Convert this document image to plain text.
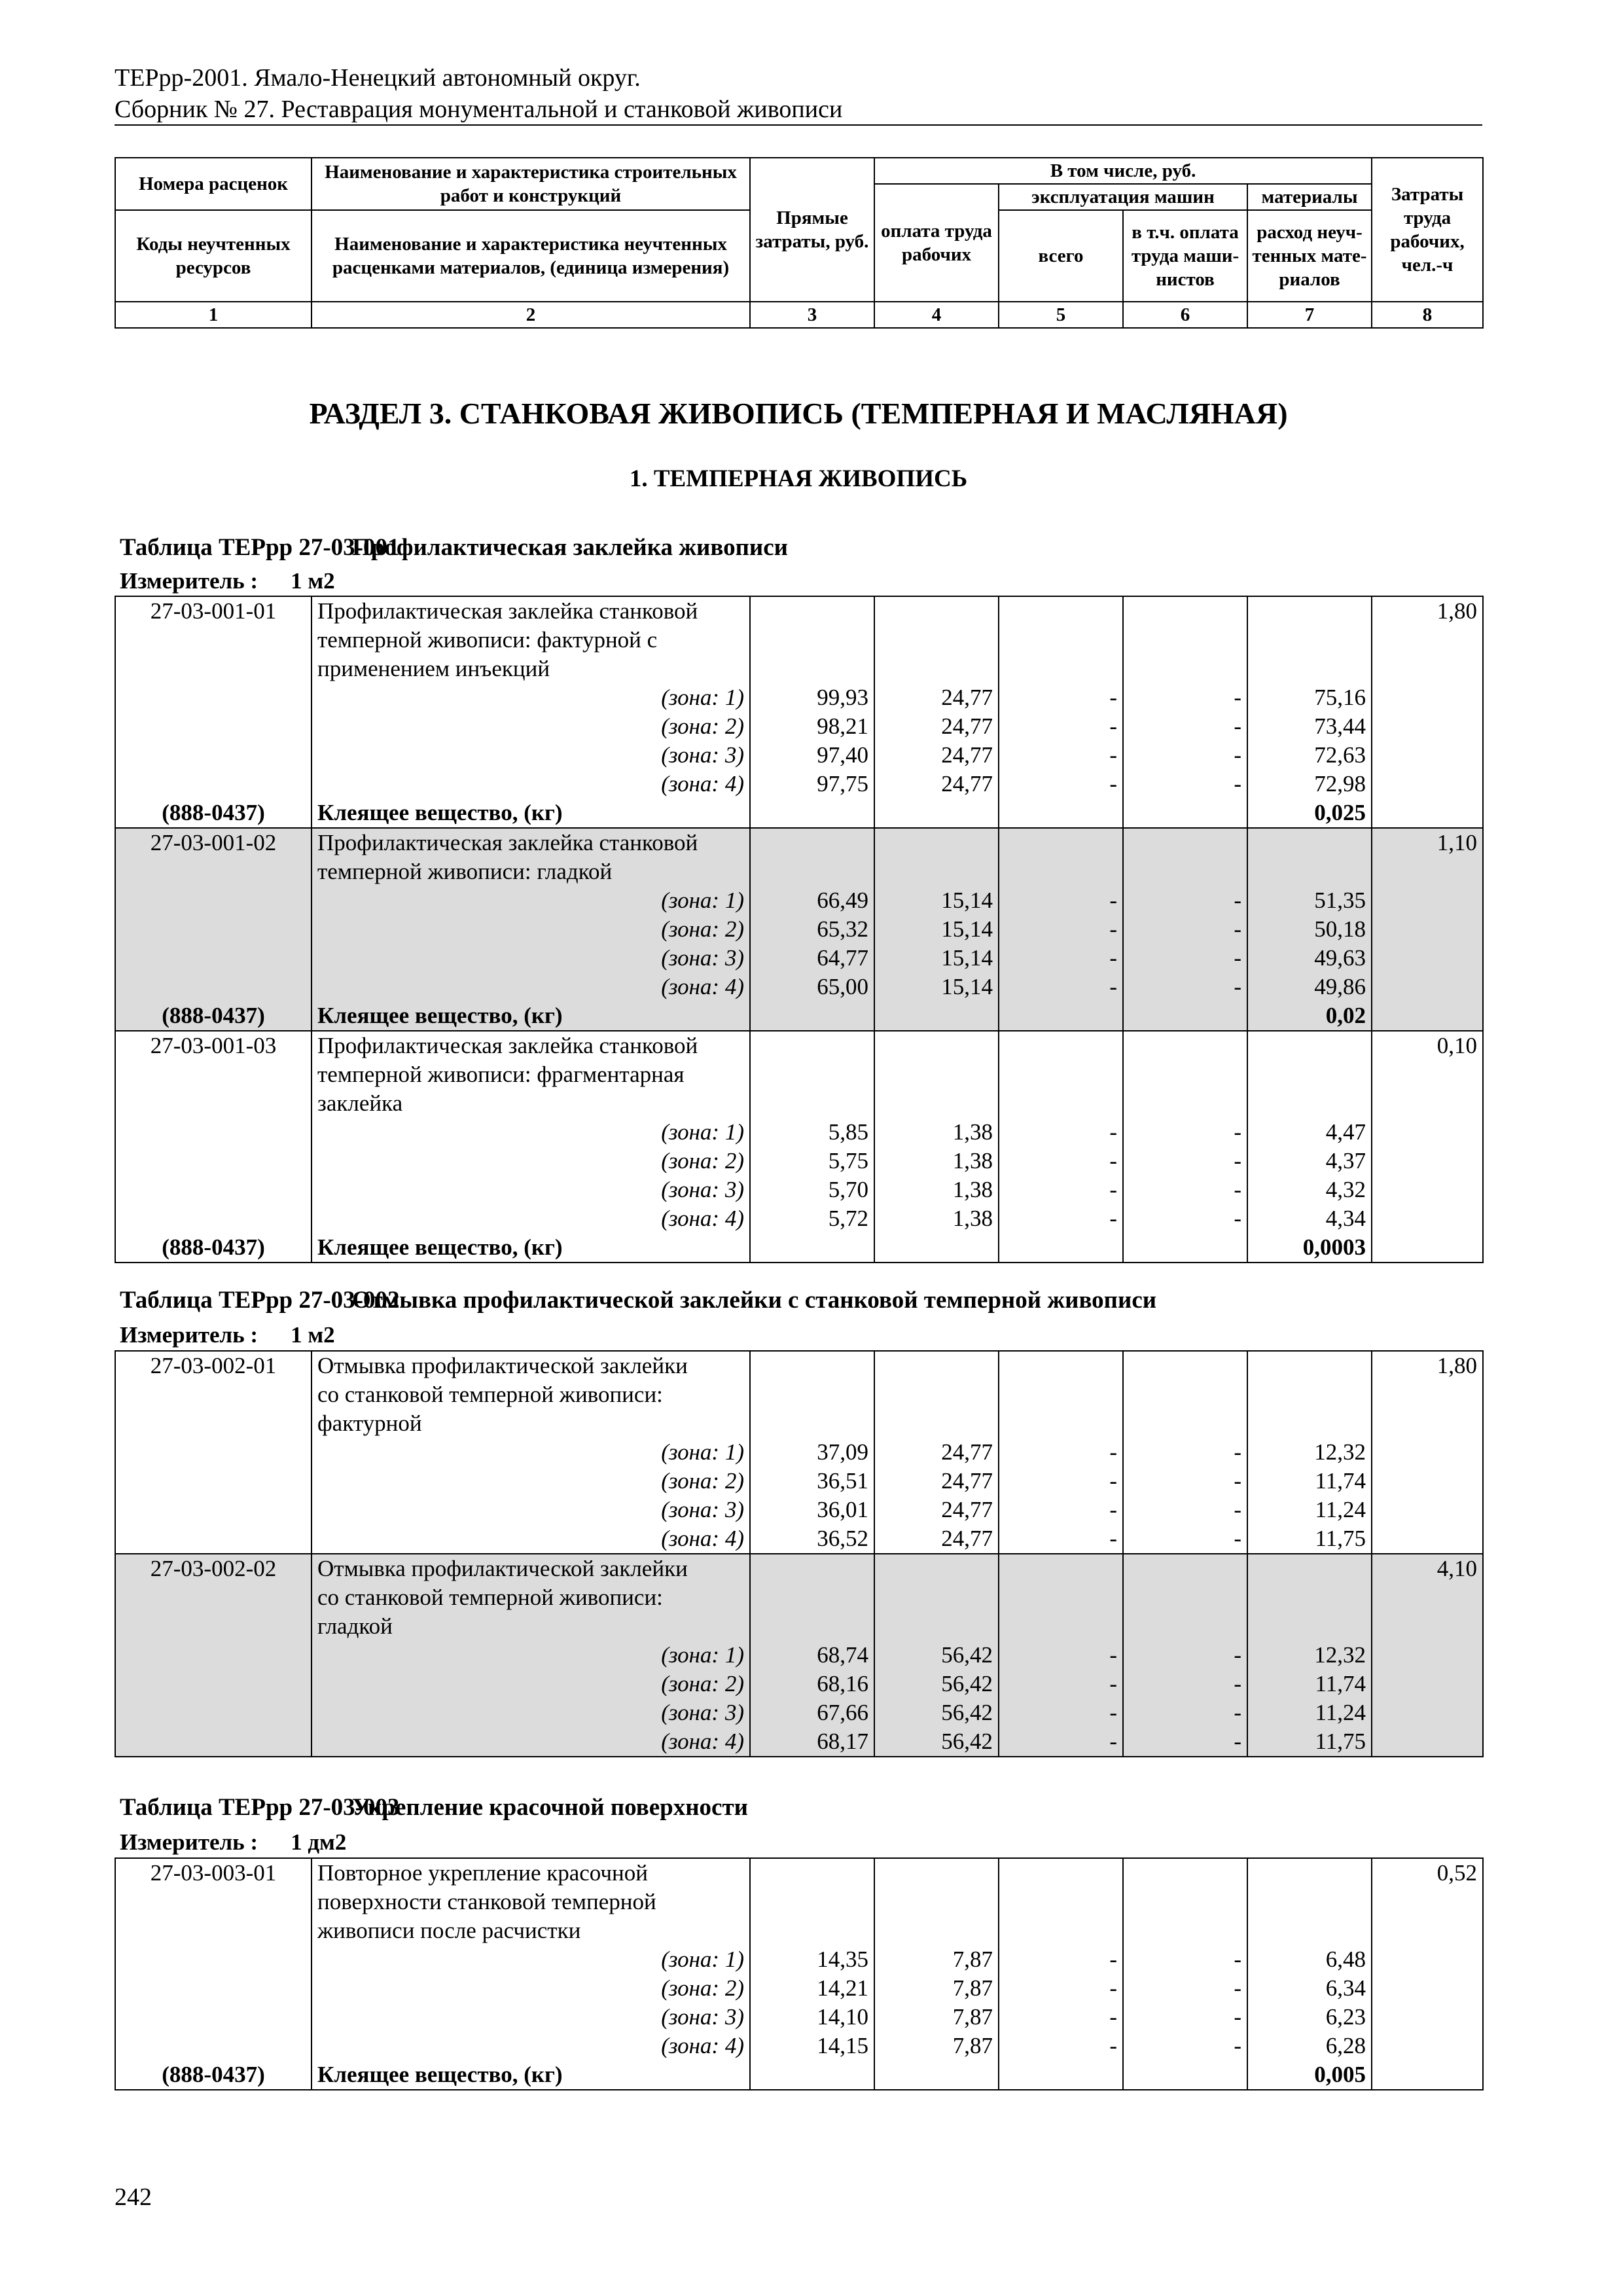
ТЕРрр-2001. Ямало-Ненецкий автономный округ.
Сборник № 27. Реставрация монументальной и станковой живописи
Номера расценок	Наименование и характеристика строительных работ и конструкций	Прямые затраты, руб.	В том числе, руб.				Затраты труда рабочих, чел.-ч
			оплата труда рабочих	эксплуатация машин		материалы	
Коды неучтенных ресурсов	Наименование и характеристика неучтенных расценками материалов, (единица измерения)			всего	в т.ч. оплата труда маши-нистов	расход неуч-тенных мате-риалов	

1	2	3	4	5	6	7	8
РАЗДЕЛ 3. СТАНКОВАЯ ЖИВОПИСЬ (ТЕМПЕРНАЯ И МАСЛЯНАЯ)
1. ТЕМПЕРНАЯ ЖИВОПИСЬ
Таблица ТЕРрр 27-03-001Профилактическая заклейка живописи
Измеритель : 1 м2
27-03-001-01	Профилактическая заклейка станковой						1,80
	темперной живописи: фактурной с						
	применением инъекций						
	(зона: 1)	99,93	24,77	-	-	75,16	
	(зона: 2)	98,21	24,77	-	-	73,44	
	(зона: 3)	97,40	24,77	-	-	72,63	
	(зона: 4)	97,75	24,77	-	-	72,98	
(888-0437)	Клеящее вещество, (кг)					0,025	
27-03-001-02	Профилактическая заклейка станковой						1,10
	темперной живописи: гладкой						
	(зона: 1)	66,49	15,14	-	-	51,35	
	(зона: 2)	65,32	15,14	-	-	50,18	
	(зона: 3)	64,77	15,14	-	-	49,63	
	(зона: 4)	65,00	15,14	-	-	49,86	
(888-0437)	Клеящее вещество, (кг)					0,02	
27-03-001-03	Профилактическая заклейка станковой						0,10
	темперной живописи: фрагментарная						
	заклейка						
	(зона: 1)	5,85	1,38	-	-	4,47	
	(зона: 2)	5,75	1,38	-	-	4,37	
	(зона: 3)	5,70	1,38	-	-	4,32	
	(зона: 4)	5,72	1,38	-	-	4,34	
(888-0437)	Клеящее вещество, (кг)					0,0003	
Таблица ТЕРрр 27-03-002Отмывка профилактической заклейки с станковой темперной живописи
Измеритель : 1 м2
27-03-002-01	Отмывка профилактической заклейки						1,80
	со станковой темперной живописи:						
	фактурной						
	(зона: 1)	37,09	24,77	-	-	12,32	
	(зона: 2)	36,51	24,77	-	-	11,74	
	(зона: 3)	36,01	24,77	-	-	11,24	
	(зона: 4)	36,52	24,77	-	-	11,75	
27-03-002-02	Отмывка профилактической заклейки						4,10
	со станковой темперной живописи:						
	гладкой						
	(зона: 1)	68,74	56,42	-	-	12,32	
	(зона: 2)	68,16	56,42	-	-	11,74	
	(зона: 3)	67,66	56,42	-	-	11,24	
	(зона: 4)	68,17	56,42	-	-	11,75	
Таблица ТЕРрр 27-03-003Укрепление красочной поверхности
Измеритель : 1 дм2
27-03-003-01	Повторное укрепление красочной						0,52
	поверхности станковой темперной						
	живописи после расчистки						
	(зона: 1)	14,35	7,87	-	-	6,48	
	(зона: 2)	14,21	7,87	-	-	6,34	
	(зона: 3)	14,10	7,87	-	-	6,23	
	(зона: 4)	14,15	7,87	-	-	6,28	
(888-0437)	Клеящее вещество, (кг)					0,005	
242
